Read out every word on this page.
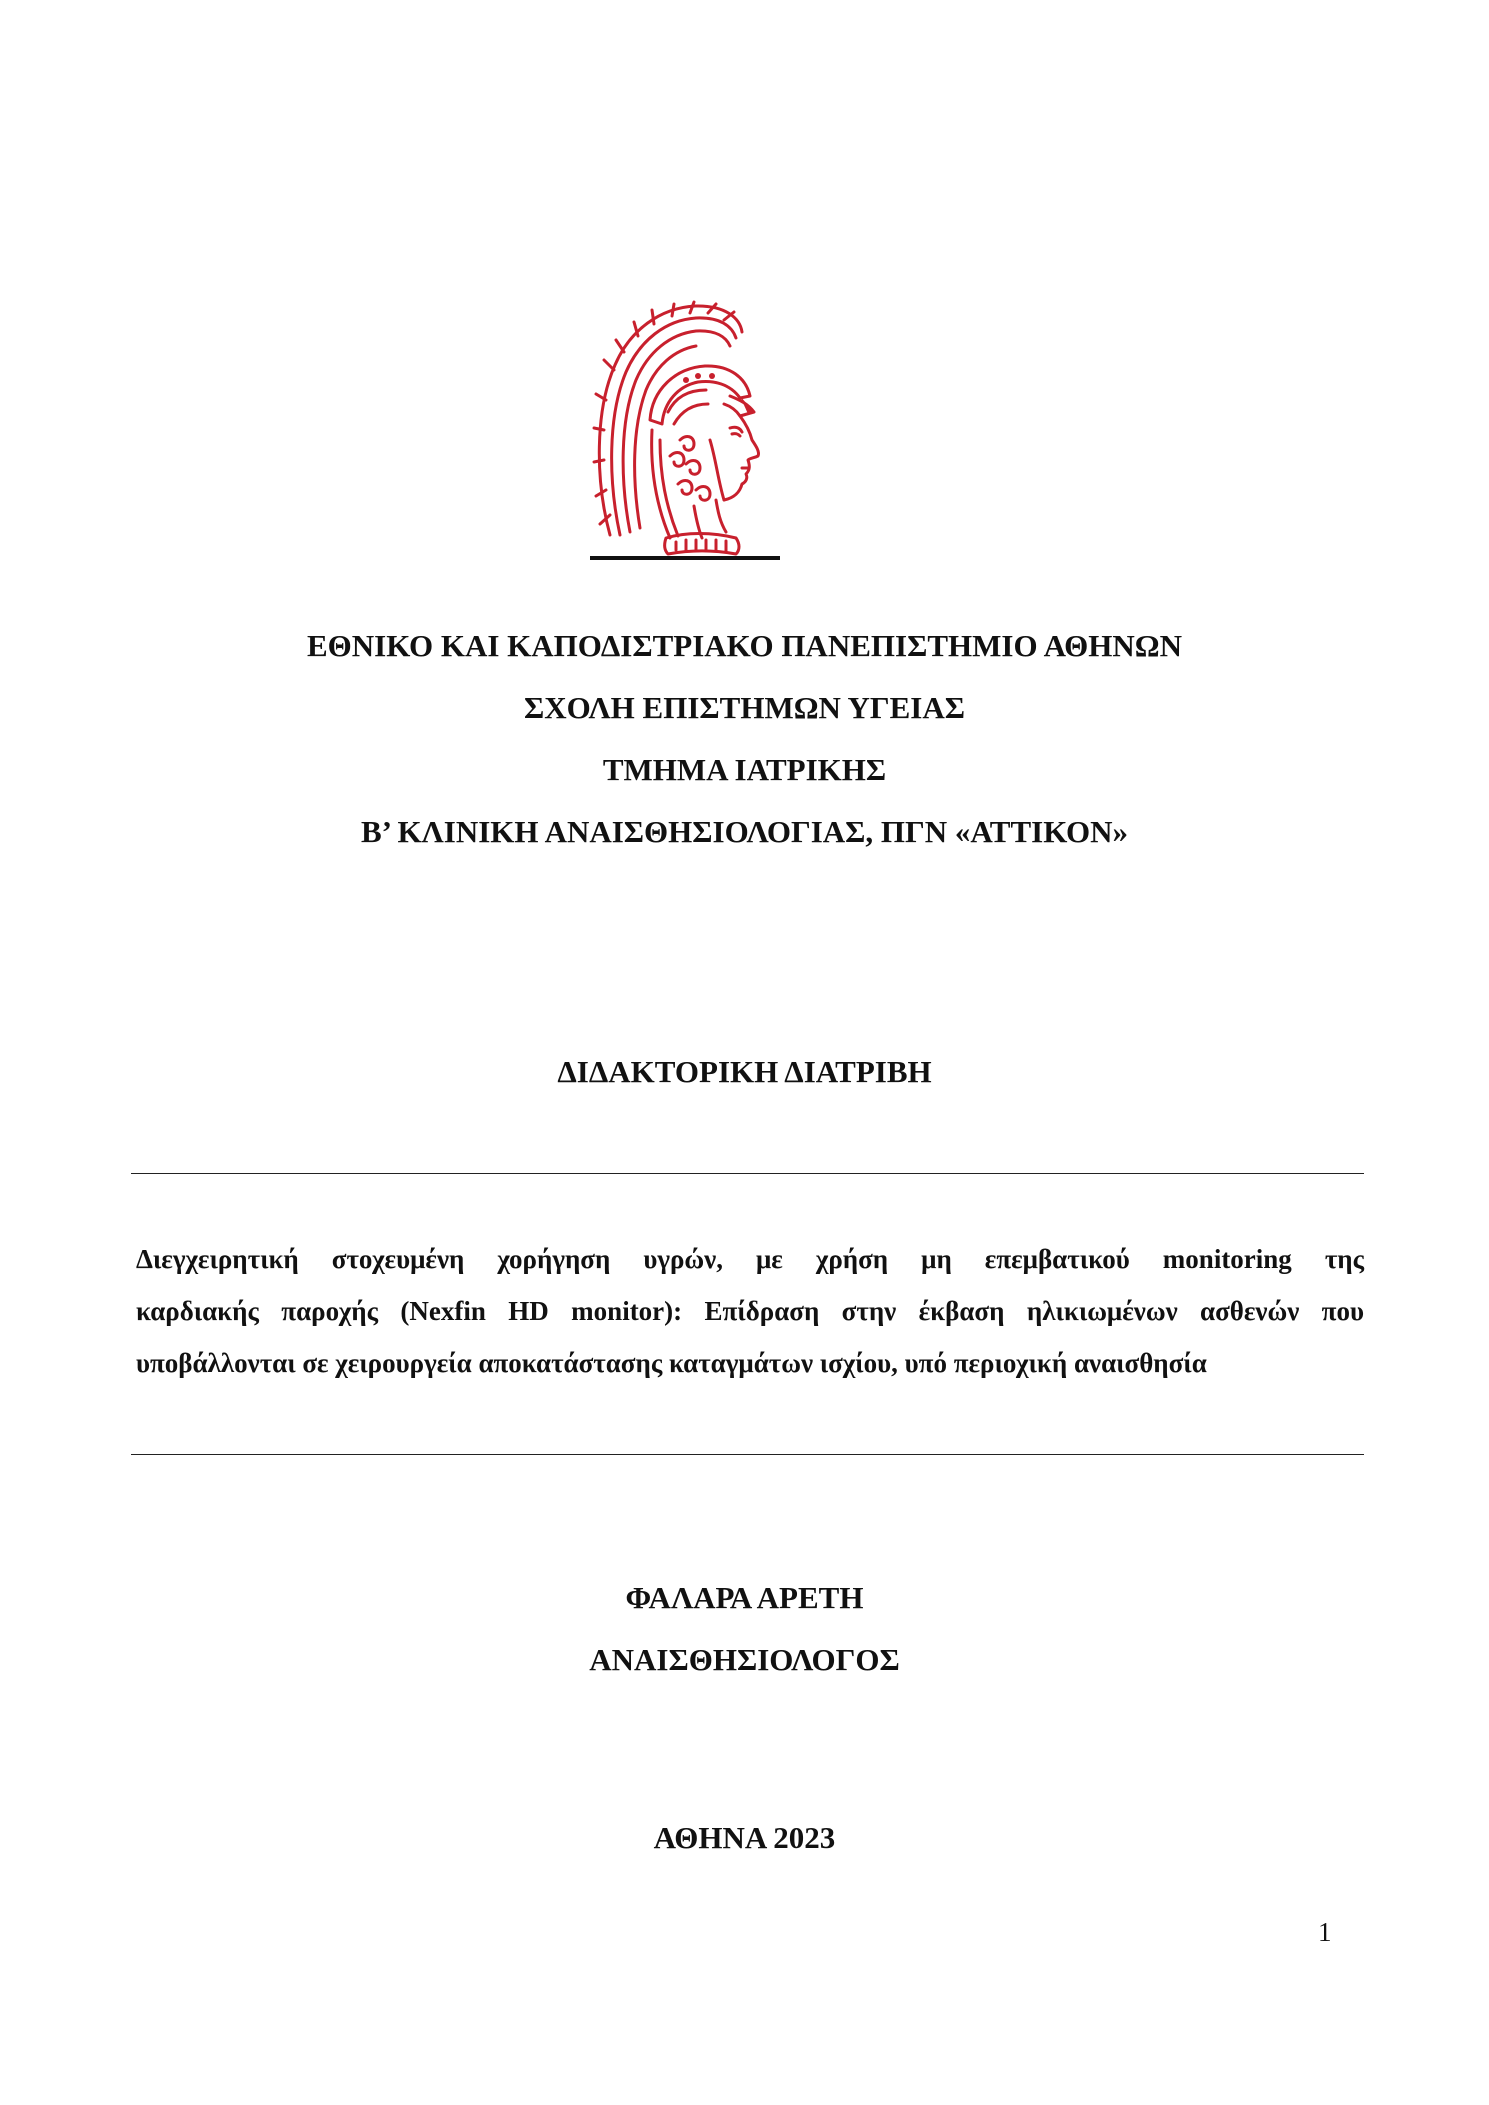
ΕΘΝΙΚΟ ΚΑΙ ΚΑΠΟΔΙΣΤΡΙΑΚΟ ΠΑΝΕΠΙΣΤΗΜΙΟ ΑΘΗΝΩΝ
ΣΧΟΛΗ ΕΠΙΣΤΗΜΩΝ ΥΓΕΙΑΣ
ΤΜΗΜΑ ΙΑΤΡΙΚΗΣ
Β’ ΚΛΙΝΙΚΗ ΑΝΑΙΣΘΗΣΙΟΛΟΓΙΑΣ, ΠΓΝ «ΑΤΤΙΚΟΝ»
ΔΙΔΑΚΤΟΡΙΚΗ ΔΙΑΤΡΙΒΗ
Διεγχειρητική στοχευμένη χορήγηση υγρών, με χρήση μη επεμβατικού monitoring της
καρδιακής παροχής (Nexfin HD monitor): Επίδραση στην έκβαση ηλικιωμένων ασθενών που
υποβάλλονται σε χειρουργεία αποκατάστασης καταγμάτων ισχίου, υπό περιοχική αναισθησία
ΦΑΛΑΡΑ ΑΡΕΤΗ
ΑΝΑΙΣΘΗΣΙΟΛΟΓΟΣ
ΑΘΗΝΑ 2023
1
